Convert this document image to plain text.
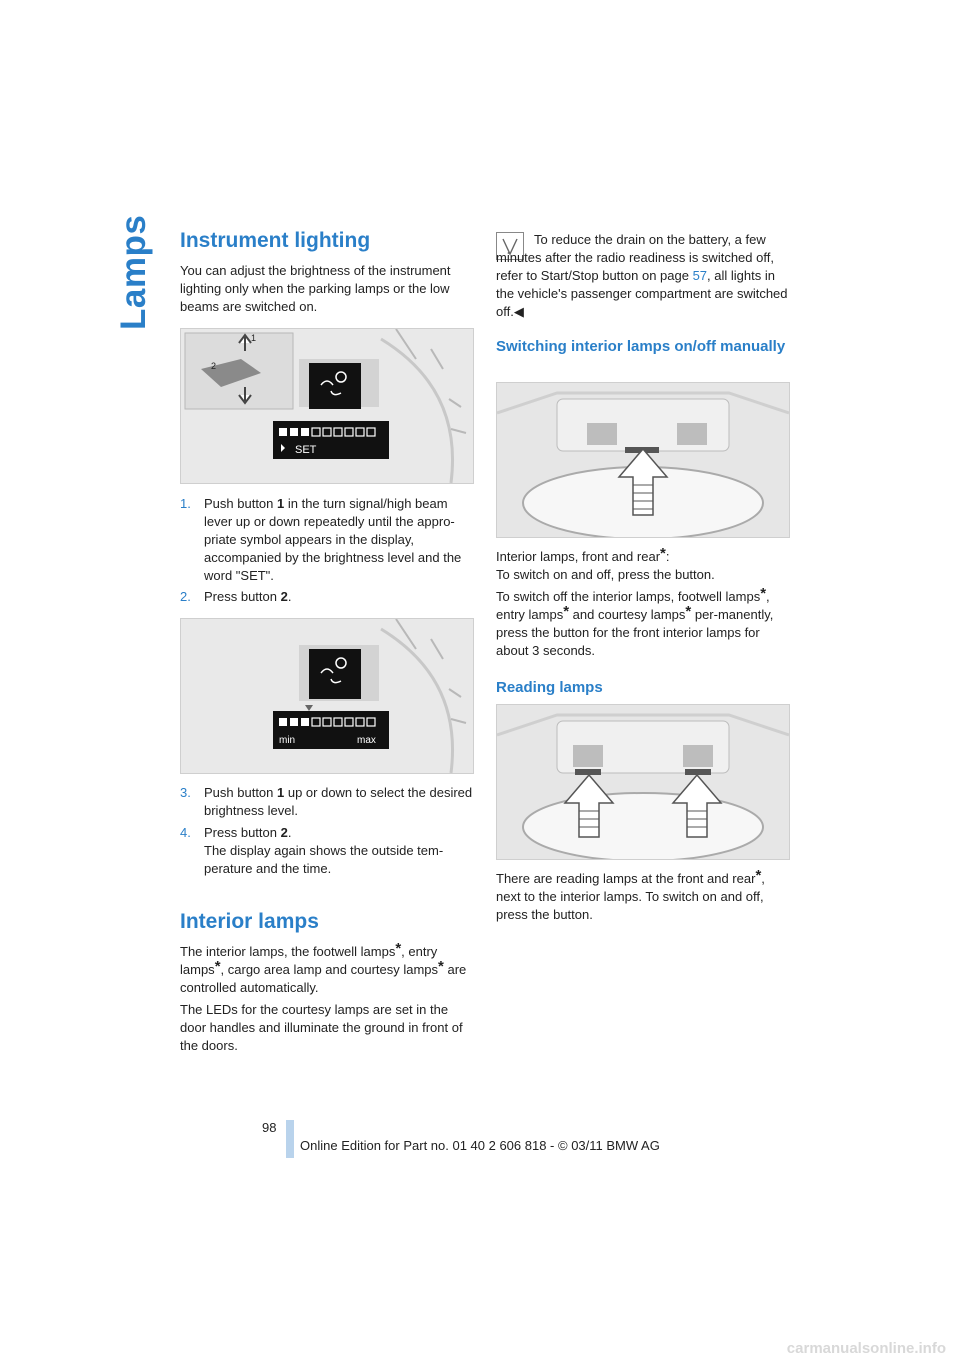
Lamps Instrument lighting

You can adjust the brightness of the instrument lighting only when the parking lamps or the low beams are switched on.

1
2
SET
1. Push button 1 in the turn signal/high beam lever up or down repeatedly until the appro-priate symbol appears in the display, accompanied by the brightness level and the word "SET".
2. Press button 2.
min	max
3. Push button 1 up or down to select the desired brightness level.
4. Press button 2.
The display again shows the outside tem-perature and the time.
Interior lamps

The interior lamps, the footwell lamps*, entry lamps*, cargo area lamp and courtesy lamps* are controlled automatically.

The LEDs for the courtesy lamps are set in the door handles and illuminate the ground in front of the doors.

To reduce the drain on the battery, a few minutes after the radio readiness is switched off, refer to Start/Stop button on page 57, all lights in the vehicle's passenger compartment are switched off.◀

Switching interior lamps on/off manually

Interior lamps, front and rear*:
To switch on and off, press the button.

To switch off the interior lamps, footwell lamps*, entry lamps* and courtesy lamps* per-manently, press the button for the front interior lamps for about 3 seconds.

Reading lamps

There are reading lamps at the front and rear*, next to the interior lamps. To switch on and off, press the button.

98
Online Edition for Part no. 01 40 2 606 818 - © 03/11 BMW AG
carmanualsonline.info
